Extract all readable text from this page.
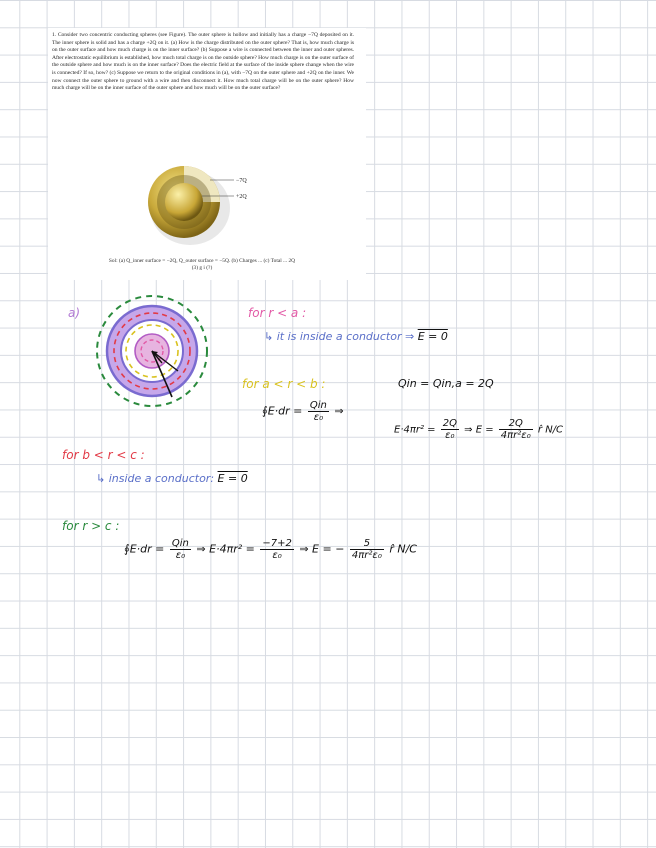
1. Consider two concentric conducting spheres (see Figure). The outer sphere is hollow and initially has a charge −7Q deposited on it. The inner sphere is solid and has a charge +2Q on it. (a) How is the charge distributed on the outer sphere? That is, how much charge is on the outer surface and how much charge is on the inner surface? (b) Suppose a wire is connected between the inner and outer spheres. After electrostatic equilibrium is established, how much total charge is on the outside sphere? How much charge is on the outer surface of the outside sphere and how much is on the inner surface? Does the electric field at the surface of the inside sphere change when the wire is connected? If so, how? (c) Suppose we return to the original conditions in (a), with −7Q on the outer sphere and +2Q on the inner. We now connect the outer sphere to ground with a wire and then disconnect it. How much total charge will be on the outer sphere? How much charge will be on the inner surface of the outer sphere and how much will be on the outer surface?
−7Q
+2Q
Sol: (a) Q_inner surface = −2Q, Q_outer surface = −5Q. (b) Charges ... (c) Total ... 2Q
(3) g i (?)
a)	for r < a :
↳ it is inside a conductor ⇒ E = 0
for a < r < b :	Qin = Qin,a = 2Q
∮E·dr = $\frac{\text{Qin}}{\text{ε₀}}$ ⇒
$E\cdot 4\pi r^2 = \frac{2Q}{\text{ε₀}}$ ⇒ $E = \frac{2Q}{\text{4πr²ε₀}}$ r̂ N/C
for b < r < c :
↳ inside a conductor: E = 0
for r > c :
∮E·dr = $\frac{\text{Qin}}{\text{ε₀}}$ ⇒ $E\cdot 4\pi r^2 = \frac{-7+2}{\text{ε₀}}$ ⇒ E = − $\frac{5}{\text{4πr²ε₀}}$ r̂ N/C
